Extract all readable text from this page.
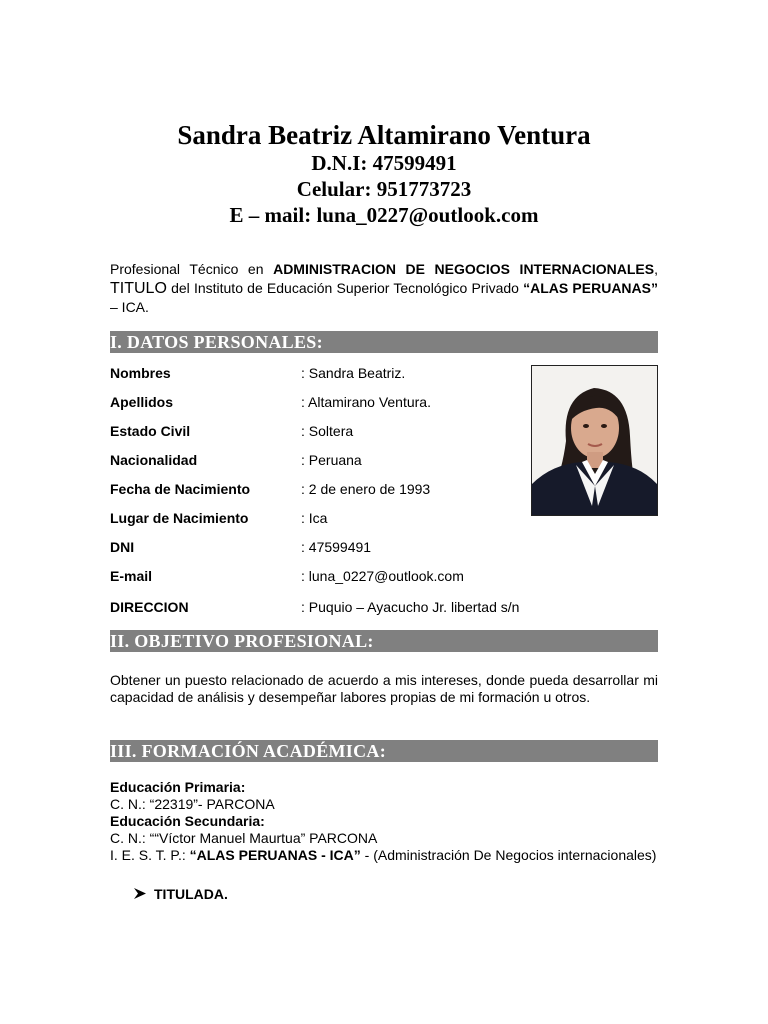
Sandra Beatriz Altamirano Ventura
D.N.I: 47599491
Celular: 951773723
E – mail: luna_0227@outlook.com
Profesional Técnico en ADMINISTRACION DE NEGOCIOS INTERNACIONALES, TITULO del Instituto de Educación Superior Tecnológico Privado “ALAS PERUANAS” – ICA.
I. DATOS PERSONALES:
Nombres	: Sandra Beatriz.
Apellidos	: Altamirano Ventura.
Estado Civil	: Soltera
Nacionalidad	: Peruana
Fecha de Nacimiento	: 2 de enero de 1993
Lugar de Nacimiento	: Ica
DNI	: 47599491
E-mail	: luna_0227@outlook.com
DIRECCION	: Puquio – Ayacucho Jr. libertad s/n
II. OBJETIVO PROFESIONAL:
Obtener un puesto relacionado de acuerdo a mis intereses, donde pueda desarrollar mi capacidad de análisis y desempeñar labores propias de mi formación u otros.
III. FORMACIÓN ACADÉMICA:
Educación Primaria:
C. N.: “22319”- PARCONA
Educación Secundaria:
C. N.: ““Víctor Manuel Maurtua” PARCONA
I. E. S. T. P.: “ALAS PERUANAS - ICA” - (Administración De Negocios internacionales)
TITULADA.
